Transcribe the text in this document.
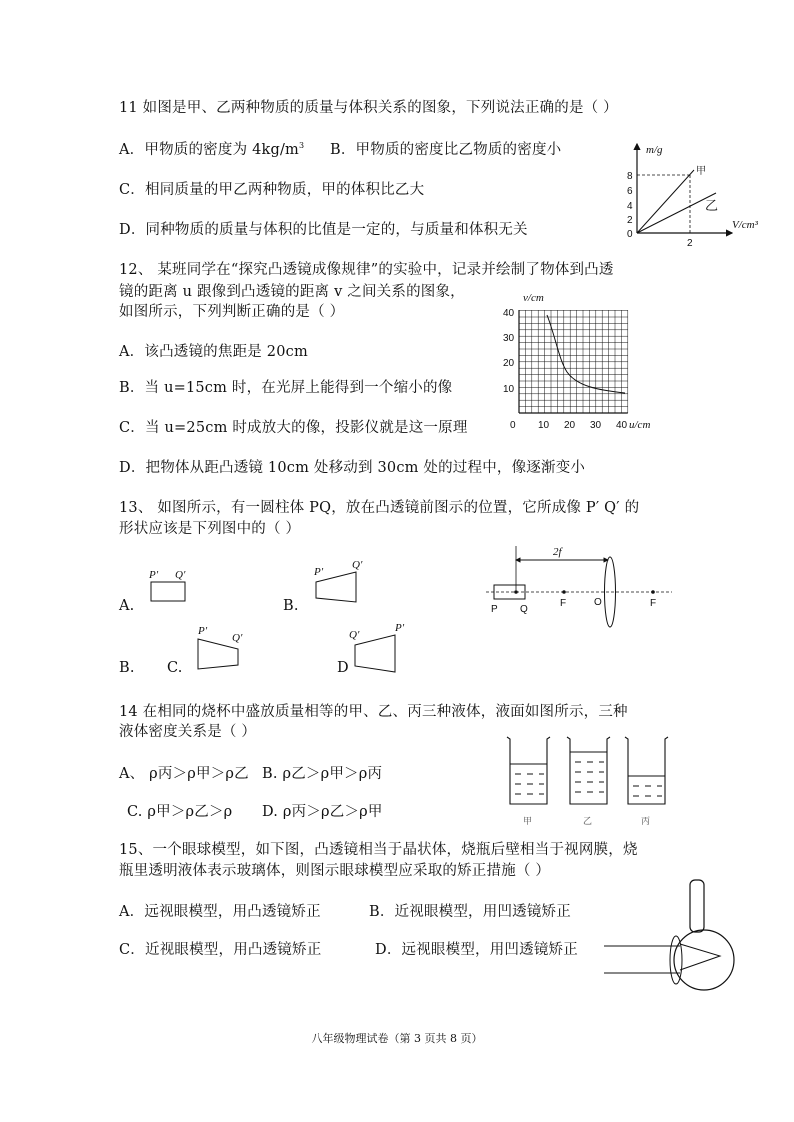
11 如图是甲、乙两种物质的质量与体积关系的图象，下列说法正确的是（ ）
A．甲物质的密度为 $4kg/m^3$ B．甲物质的密度比乙物质的密度小
C．相同质量的甲乙两种物质，甲的体积比乙大
D．同种物质的质量与体积的比值是一定的，与质量和体积无关
m/g
8
6
4
2
0
2
V/cm³
甲
乙
12、 某班同学在“探究凸透镜成像规律”的实验中，记录并绘制了物体到凸透
镜的距离 u 跟像到凸透镜的距离 v 之间关系的图象，
如图所示，下列判断正确的是（ ）
A．该凸透镜的焦距是 20cm
B．当 u=15cm 时，在光屏上能得到一个缩小的像
C．当 u=25cm 时成放大的像，投影仪就是这一原理
D．把物体从距凸透镜 10cm 处移动到 30cm 处的过程中，像逐渐变小
v/cm
40
30
20
10
0 10 20 30 40 u/cm
13、 如图所示，有一圆柱体 PQ，放在凸透镜前图示的位置，它所成像 P′ Q′ 的
形状应该是下列图中的（ ）
A.
P′ Q′
B.
P′
Q′
B. C.
P′
Q′
D
Q′
P′
2f
P Q
F	O	F
14 在相同的烧杯中盛放质量相等的甲、乙、丙三种液体，液面如图所示，三种
液体密度关系是（ ）
A、 ρ丙＞ρ甲＞ρ乙 B. ρ乙＞ρ甲＞ρ丙
C. ρ甲＞ρ乙＞ρ D. ρ丙＞ρ乙＞ρ甲
甲	乙	丙
15、一个眼球模型，如下图，凸透镜相当于晶状体，烧瓶后壁相当于视网膜，烧
瓶里透明液体表示玻璃体，则图示眼球模型应采取的矫正措施（ ）
A．远视眼模型，用凸透镜矫正	B．近视眼模型，用凹透镜矫正
C．近视眼模型，用凸透镜矫正	D．远视眼模型，用凹透镜矫正
八年级物理试卷（第 3 页共 8 页）
